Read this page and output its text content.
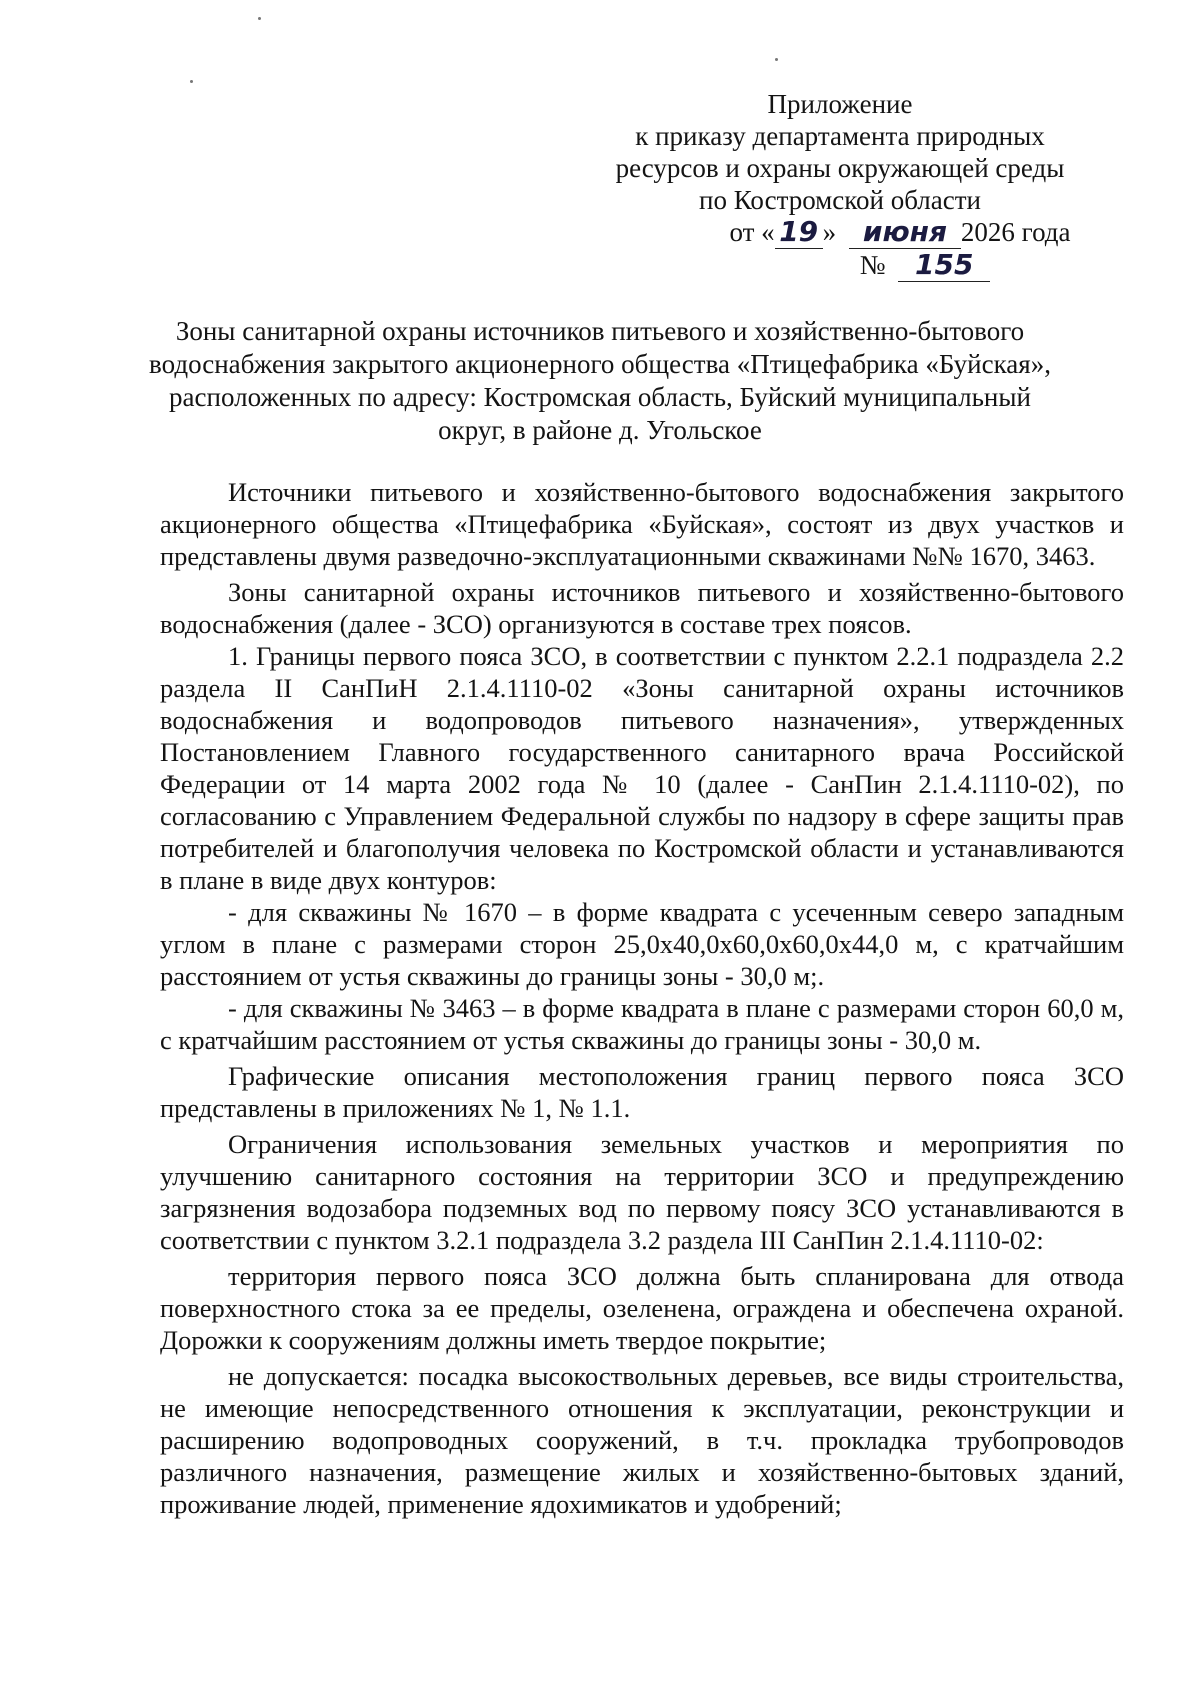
Приложение
к приказу департамента природных
ресурсов и охраны окружающей среды
по Костромской области
от « 19 » июня 2026 года
№ 155
Зоны санитарной охраны источников питьевого и хозяйственно-бытового
водоснабжения закрытого акционерного общества «Птицефабрика «Буйская»,
расположенных по адресу: Костромская область, Буйский муниципальный
округ, в районе д. Угольское

Источники питьевого и хозяйственно-бытового водоснабжения закрытого акционерного общества «Птицефабрика «Буйская», состоят из двух участков и представлены двумя разведочно-эксплуатационными скважинами №№ 1670, 3463.

Зоны санитарной охраны источников питьевого и хозяйственно-бытового водоснабжения (далее - ЗСО) организуются в составе трех поясов.

1. Границы первого пояса ЗСО, в соответствии с пунктом 2.2.1 подраздела 2.2 раздела II СанПиН 2.1.4.1110-02 «Зоны санитарной охраны источников водоснабжения и водопроводов питьевого назначения», утвержденных Постановлением Главного государственного санитарного врача Российской Федерации от 14 марта 2002 года № 10 (далее - СанПин 2.1.4.1110-02), по согласованию с Управлением Федеральной службы по надзору в сфере защиты прав потребителей и благополучия человека по Костромской области и устанавливаются в плане в виде двух контуров:

- для скважины № 1670 – в форме квадрата с усеченным северо западным углом в плане с размерами сторон 25,0х40,0х60,0х60,0х44,0 м, с кратчайшим расстоянием от устья скважины до границы зоны - 30,0 м;.

- для скважины № 3463 – в форме квадрата в плане с размерами сторон 60,0 м, с кратчайшим расстоянием от устья скважины до границы зоны - 30,0 м.

Графические описания местоположения границ первого пояса ЗСО представлены в приложениях № 1, № 1.1.

Ограничения использования земельных участков и мероприятия по улучшению санитарного состояния на территории ЗСО и предупреждению загрязнения водозабора подземных вод по первому поясу ЗСО устанавливаются в соответствии с пунктом 3.2.1 подраздела 3.2 раздела III СанПин 2.1.4.1110-02:

территория первого пояса ЗСО должна быть спланирована для отвода поверхностного стока за ее пределы, озеленена, ограждена и обеспечена охраной. Дорожки к сооружениям должны иметь твердое покрытие;

не допускается: посадка высокоствольных деревьев, все виды строительства, не имеющие непосредственного отношения к эксплуатации, реконструкции и расширению водопроводных сооружений, в т.ч. прокладка трубопроводов различного назначения, размещение жилых и хозяйственно-бытовых зданий, проживание людей, применение ядохимикатов и удобрений;
